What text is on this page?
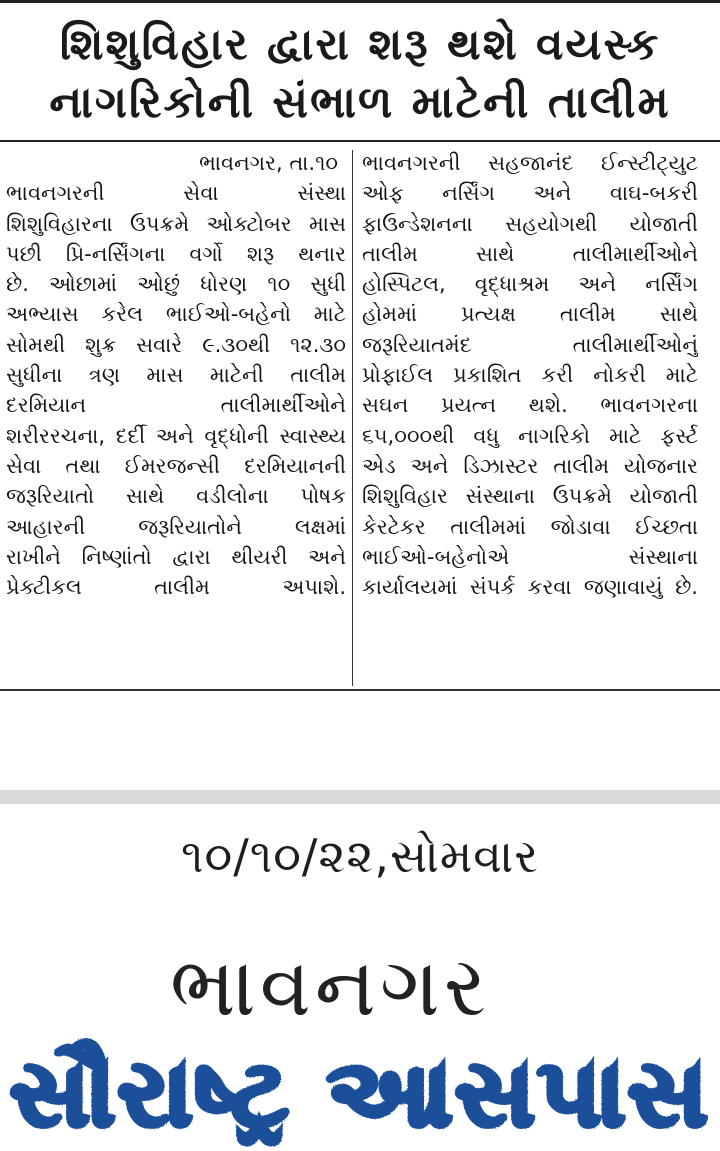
શિશુવિહાર દ્વારા શરૂ થશે વયસ્ક
નાગરિકોની સંભાળ માટેની તાલીમ
ભાવનગર, તા.૧૦
ભાવનગરની સેવા સંસ્થા
શિશુવિહારના ઉપક્રમે ઓક્ટોબર માસ
પછી પ્રિ-નર્સિંગના વર્ગો શરૂ થનાર
છે. ઓછામાં ઓછું ધોરણ ૧૦ સુધી
અભ્યાસ કરેલ ભાઈઓ-બહેનો માટે
સોમથી શુક્ર સવારે ૯.૩૦થી ૧૨.૩૦
સુધીના ત્રણ માસ માટેની તાલીમ
દરમિયાન તાલીમાર્થીઓને
શરીરરચના, દર્દી અને વૃદ્ધોની સ્વાસ્થ્ય
સેવા તથા ઈમરજન્સી દરમિયાનની
જરૂરિયાતો સાથે વડીલોના પોષક
આહારની જરૂરિયાતોને લક્ષમાં
રાખીને નિષ્ણાંતો દ્વારા થીયરી અને
પ્રેક્ટીકલ તાલીમ અપાશે.
ભાવનગરની સહજાનંદ ઈન્સ્ટીટ્યુટ
ઓફ નર્સિંગ અને વાઘ-બકરી
ફાઉન્ડેશનના સહયોગથી યોજાતી
તાલીમ સાથે તાલીમાર્થીઓને
હોસ્પિટલ, વૃદ્ધાશ્રમ અને નર્સિંગ
હોમમાં પ્રત્યક્ષ તાલીમ સાથે
જરૂરિયાતમંદ તાલીમાર્થીઓનું
પ્રોફાઈલ પ્રકાશિત કરી નોકરી માટે
સઘન પ્રયત્ન થશે. ભાવનગરના
૬૫,૦૦૦થી વધુ નાગરિકો માટે ફર્સ્ટ
એડ અને ડિઝાસ્ટર તાલીમ યોજનાર
શિશુવિહાર સંસ્થાના ઉપક્રમે યોજાતી
કેરટેકર તાલીમમાં જોડાવા ઈચ્છતા
ભાઈઓ-બહેનોએ સંસ્થાના
કાર્યાલયમાં સંપર્ક કરવા જણાવાયું છે.
૧૦/૧૦/૨૨,સોમવાર
ભાવનગર
સૌરાષ્ટ્ર આસપાસ
